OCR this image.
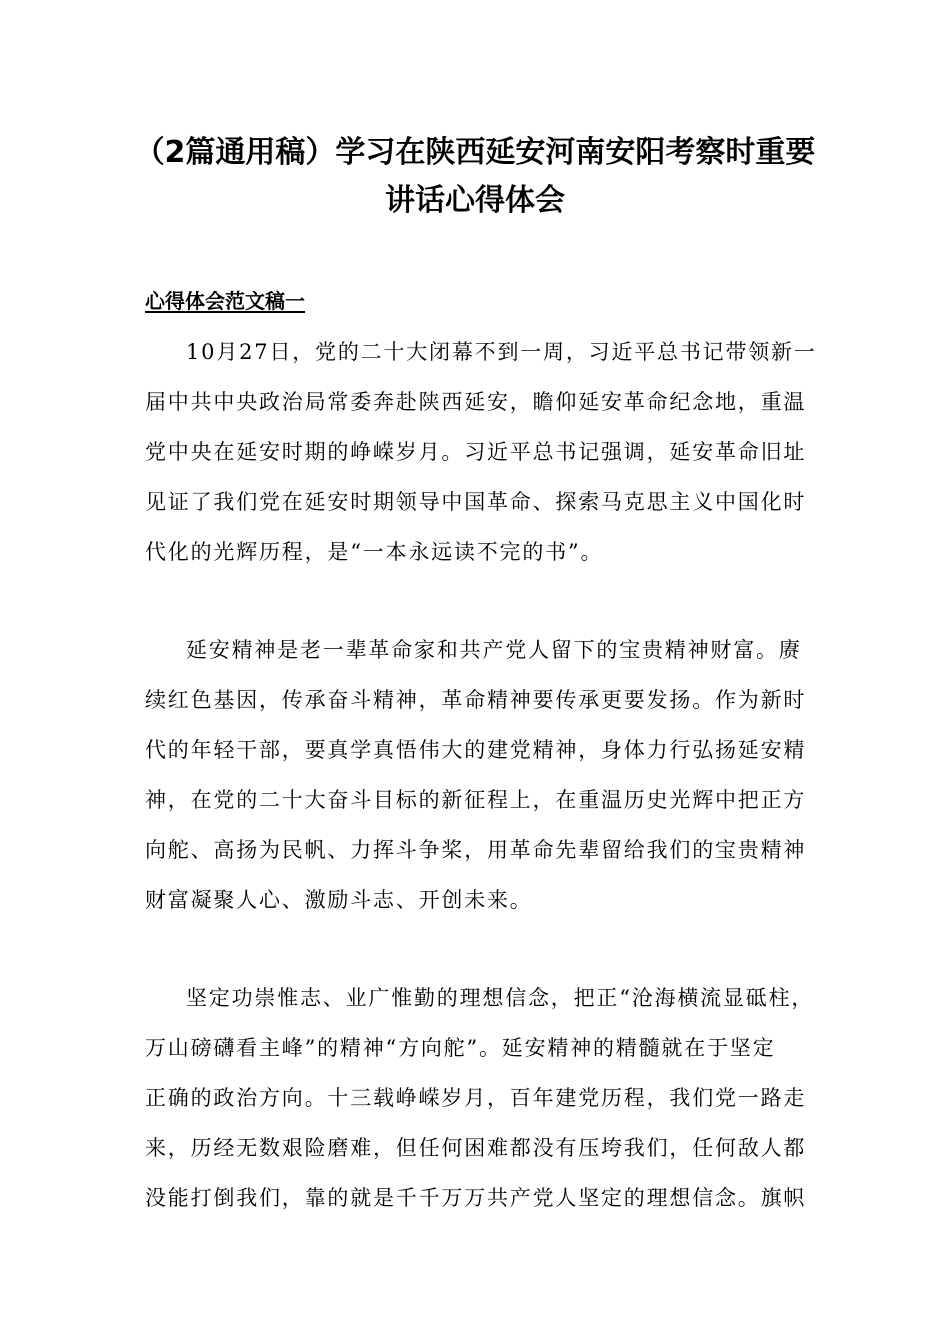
（2篇通用稿）学习在陕西延安河南安阳考察时重要
讲话心得体会
心得体会范文稿一

10月27日，党的二十大闭幕不到一周，习近平总书记带领新一

届中共中央政治局常委奔赴陕西延安，瞻仰延安革命纪念地，重温

党中央在延安时期的峥嵘岁月。习近平总书记强调，延安革命旧址

见证了我们党在延安时期领导中国革命、探索马克思主义中国化时

代化的光辉历程，是“一本永远读不完的书”。

延安精神是老一辈革命家和共产党人留下的宝贵精神财富。赓

续红色基因，传承奋斗精神，革命精神要传承更要发扬。作为新时

代的年轻干部，要真学真悟伟大的建党精神，身体力行弘扬延安精

神，在党的二十大奋斗目标的新征程上，在重温历史光辉中把正方

向舵、高扬为民帆、力挥斗争桨，用革命先辈留给我们的宝贵精神

财富凝聚人心、激励斗志、开创未来。

坚定功崇惟志、业广惟勤的理想信念，把正“沧海横流显砥柱，

万山磅礴看主峰”的精神“方向舵”。延安精神的精髓就在于坚定

正确的政治方向。十三载峥嵘岁月，百年建党历程，我们党一路走

来，历经无数艰险磨难，但任何困难都没有压垮我们，任何敌人都

没能打倒我们，靠的就是千千万万共产党人坚定的理想信念。旗帜
